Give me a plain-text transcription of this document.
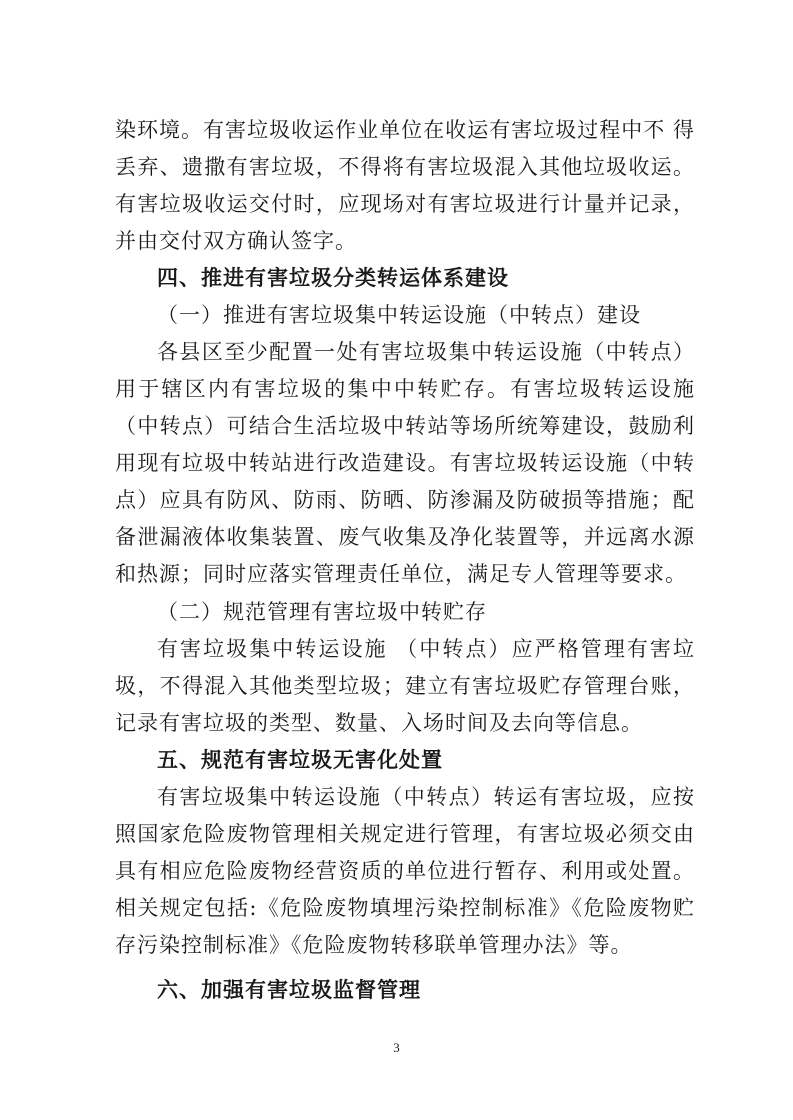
染环境。有害垃圾收运作业单位在收运有害垃圾过程中不 得丢弃、遗撒有害垃圾，不得将有害垃圾混入其他垃圾收运。有害垃圾收运交付时，应现场对有害垃圾进行计量并记录，并由交付双方确认签字。

四、推进有害垃圾分类转运体系建设

（一）推进有害垃圾集中转运设施（中转点）建设

各县区至少配置一处有害垃圾集中转运设施（中转点）用于辖区内有害垃圾的集中中转贮存。有害垃圾转运设施（中转点）可结合生活垃圾中转站等场所统筹建设，鼓励利用现有垃圾中转站进行改造建设。有害垃圾转运设施（中转点）应具有防风、防雨、防晒、防渗漏及防破损等措施；配备泄漏液体收集装置、废气收集及净化装置等，并远离水源和热源；同时应落实管理责任单位，满足专人管理等要求。

（二）规范管理有害垃圾中转贮存

有害垃圾集中转运设施 （中转点）应严格管理有害垃圾，不得混入其他类型垃圾；建立有害垃圾贮存管理台账，记录有害垃圾的类型、数量、入场时间及去向等信息。

五、规范有害垃圾无害化处置

有害垃圾集中转运设施（中转点）转运有害垃圾，应按照国家危险废物管理相关规定进行管理，有害垃圾必须交由具有相应危险废物经营资质的单位进行暂存、利用或处置。相关规定包括:《危险废物填埋污染控制标准》《危险废物贮存污染控制标准》《危险废物转移联单管理办法》等。

六、加强有害垃圾监督管理

3
